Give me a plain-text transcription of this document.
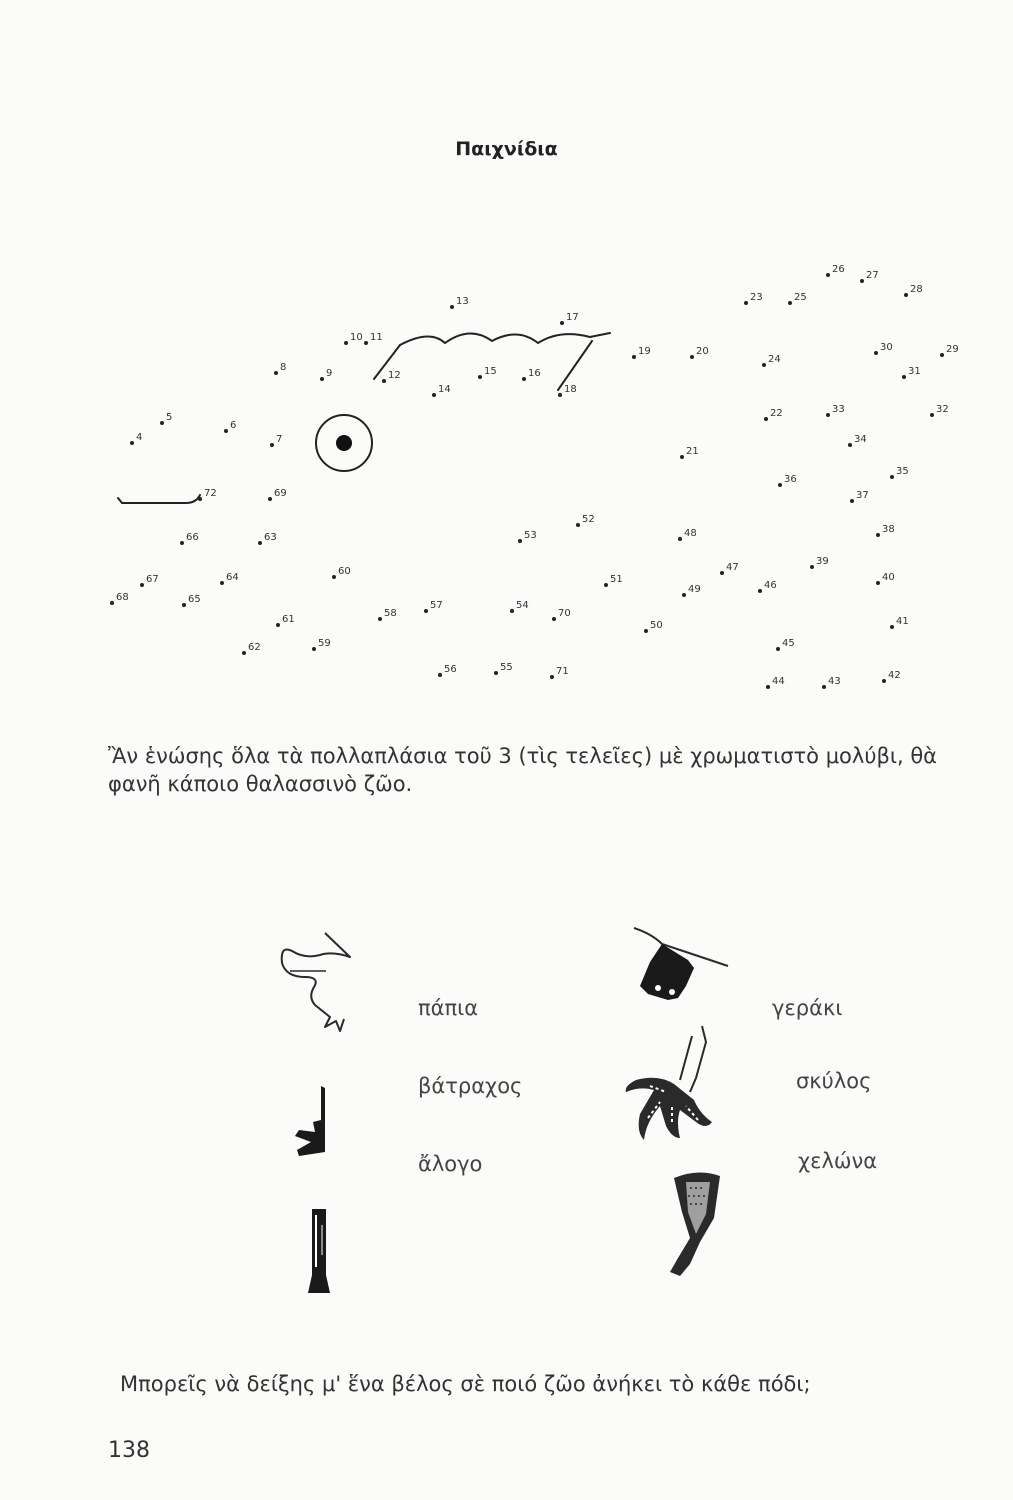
Παιχνίδια
4
5
6
7
8
9
10 11
12
13
14
15	16
17
18
19	20
21
22
23
24
25
26
27
28
29
30
31
32
33
34
35
36
37
38
39
40
41
42
43
44
45
46
47
48
49
50
51
52
53
54
55
56
57
58
59
60
61
62
63
64
65
66
67
68
69
70
71
72
Ἂν ἑνώσης ὅλα τὰ πολλαπλάσια τοῦ 3 (τὶς τελεῖες) μὲ χρωματιστὸ μολύβι, θὰ φανῆ κάποιο θαλασσινὸ ζῶο.
πάπια
βάτραχος
ἄλογο
γεράκι
σκύλος
χελώνα
Μπορεῖς νὰ δείξης μ' ἕνα βέλος σὲ ποιό ζῶο ἀνήκει τὸ κάθε πόδι;
138
